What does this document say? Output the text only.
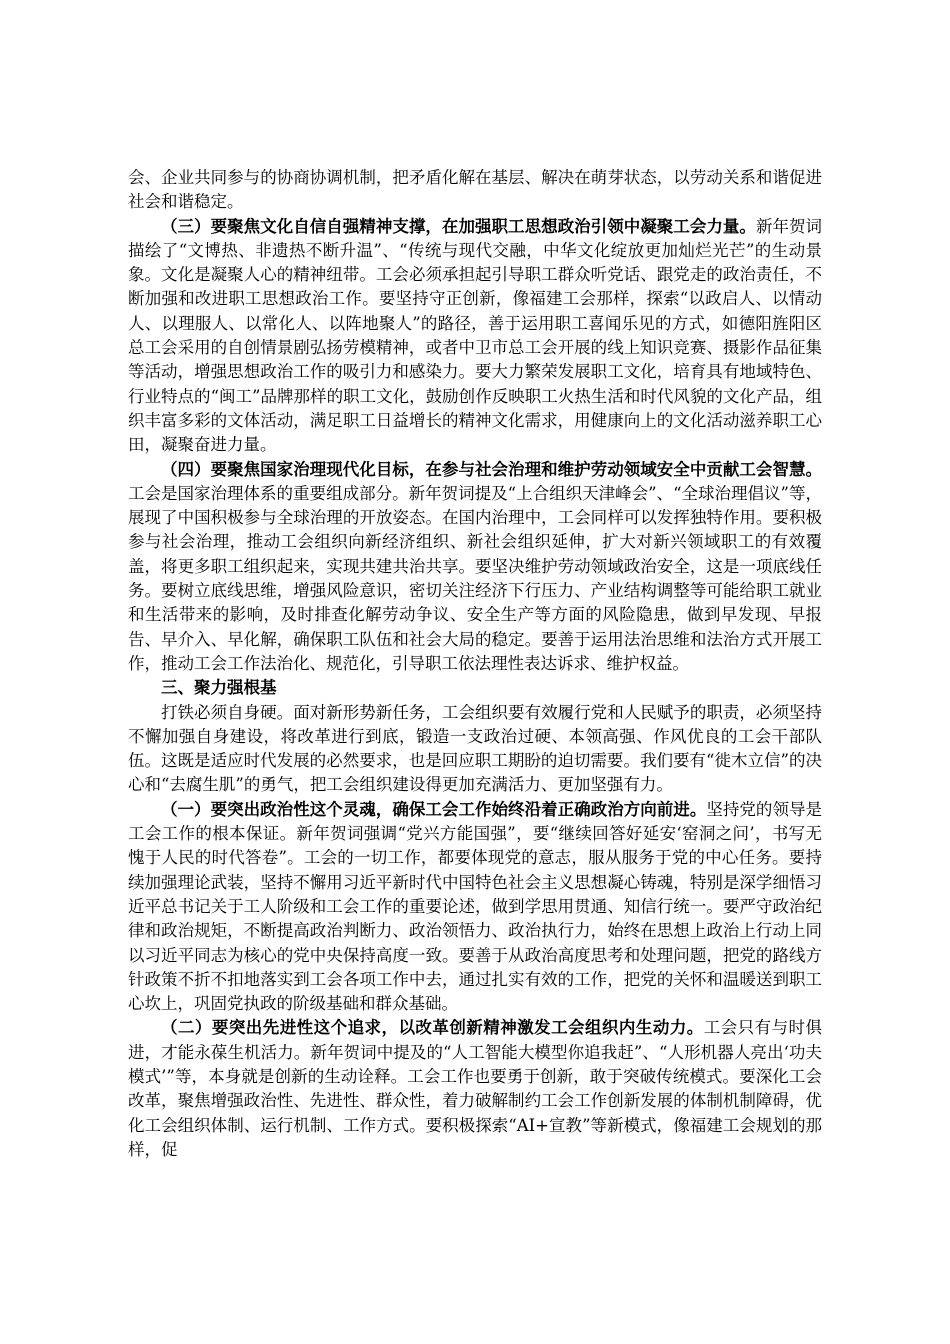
会、企业共同参与的协商协调机制，把矛盾化解在基层、解决在萌芽状态，以劳动关系和谐促进社会和谐稳定。

（三）要聚焦文化自信自强精神支撑，在加强职工思想政治引领中凝聚工会力量。新年贺词描绘了“文博热、非遗热不断升温”、“传统与现代交融，中华文化绽放更加灿烂光芒”的生动景象。文化是凝聚人心的精神纽带。工会必须承担起引导职工群众听党话、跟党走的政治责任，不断加强和改进职工思想政治工作。要坚持守正创新，像福建工会那样，探索“以政启人、以情动人、以理服人、以常化人、以阵地聚人”的路径，善于运用职工喜闻乐见的方式，如德阳旌阳区总工会采用的自创情景剧弘扬劳模精神，或者中卫市总工会开展的线上知识竞赛、摄影作品征集等活动，增强思想政治工作的吸引力和感染力。要大力繁荣发展职工文化，培育具有地域特色、行业特点的“闽工”品牌那样的职工文化，鼓励创作反映职工火热生活和时代风貌的文化产品，组织丰富多彩的文体活动，满足职工日益增长的精神文化需求，用健康向上的文化活动滋养职工心田，凝聚奋进力量。

（四）要聚焦国家治理现代化目标，在参与社会治理和维护劳动领域安全中贡献工会智慧。工会是国家治理体系的重要组成部分。新年贺词提及“上合组织天津峰会”、“全球治理倡议”等，展现了中国积极参与全球治理的开放姿态。在国内治理中，工会同样可以发挥独特作用。要积极参与社会治理，推动工会组织向新经济组织、新社会组织延伸，扩大对新兴领域职工的有效覆盖，将更多职工组织起来，实现共建共治共享。要坚决维护劳动领域政治安全，这是一项底线任务。要树立底线思维，增强风险意识，密切关注经济下行压力、产业结构调整等可能给职工就业和生活带来的影响，及时排查化解劳动争议、安全生产等方面的风险隐患，做到早发现、早报告、早介入、早化解，确保职工队伍和社会大局的稳定。要善于运用法治思维和法治方式开展工作，推动工会工作法治化、规范化，引导职工依法理性表达诉求、维护权益。

三、聚力强根基

打铁必须自身硬。面对新形势新任务，工会组织要有效履行党和人民赋予的职责，必须坚持不懈加强自身建设，将改革进行到底，锻造一支政治过硬、本领高强、作风优良的工会干部队伍。这既是适应时代发展的必然要求，也是回应职工期盼的迫切需要。我们要有“徙木立信”的决心和“去腐生肌”的勇气，把工会组织建设得更加充满活力、更加坚强有力。

（一）要突出政治性这个灵魂，确保工会工作始终沿着正确政治方向前进。坚持党的领导是工会工作的根本保证。新年贺词强调“党兴方能国强”，要“继续回答好延安‘窑洞之问’，书写无愧于人民的时代答卷”。工会的一切工作，都要体现党的意志，服从服务于党的中心任务。要持续加强理论武装，坚持不懈用习近平新时代中国特色社会主义思想凝心铸魂，特别是深学细悟习近平总书记关于工人阶级和工会工作的重要论述，做到学思用贯通、知信行统一。要严守政治纪律和政治规矩，不断提高政治判断力、政治领悟力、政治执行力，始终在思想上政治上行动上同以习近平同志为核心的党中央保持高度一致。要善于从政治高度思考和处理问题，把党的路线方针政策不折不扣地落实到工会各项工作中去，通过扎实有效的工作，把党的关怀和温暖送到职工心坎上，巩固党执政的阶级基础和群众基础。

（二）要突出先进性这个追求，以改革创新精神激发工会组织内生动力。工会只有与时俱进，才能永葆生机活力。新年贺词中提及的“人工智能大模型你追我赶”、“人形机器人亮出‘功夫模式’”等，本身就是创新的生动诠释。工会工作也要勇于创新，敢于突破传统模式。要深化工会改革，聚焦增强政治性、先进性、群众性，着力破解制约工会工作创新发展的体制机制障碍，优化工会组织体制、运行机制、工作方式。要积极探索“AI+宣教”等新模式，像福建工会规划的那样，促
